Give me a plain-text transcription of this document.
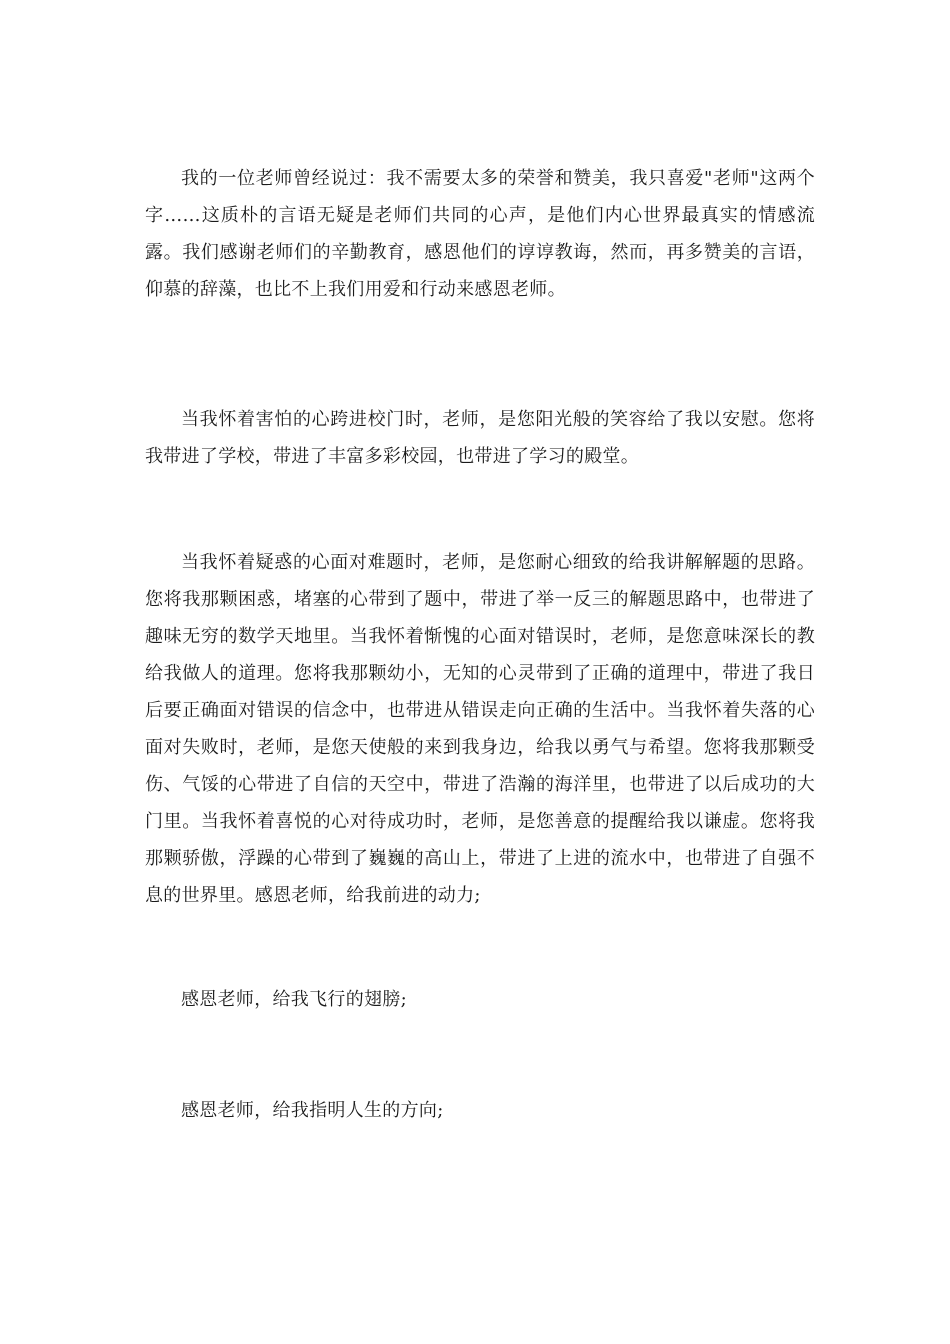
我的一位老师曾经说过：我不需要太多的荣誉和赞美，我只喜爱"老师"这两个字……这质朴的言语无疑是老师们共同的心声，是他们内心世界最真实的情感流露。我们感谢老师们的辛勤教育，感恩他们的谆谆教诲，然而，再多赞美的言语，仰慕的辞藻，也比不上我们用爱和行动来感恩老师。

当我怀着害怕的心跨进校门时，老师，是您阳光般的笑容给了我以安慰。您将我带进了学校，带进了丰富多彩校园，也带进了学习的殿堂。

当我怀着疑惑的心面对难题时，老师，是您耐心细致的给我讲解解题的思路。您将我那颗困惑，堵塞的心带到了题中，带进了举一反三的解题思路中，也带进了趣味无穷的数学天地里。当我怀着惭愧的心面对错误时，老师，是您意味深长的教给我做人的道理。您将我那颗幼小，无知的心灵带到了正确的道理中，带进了我日后要正确面对错误的信念中，也带进从错误走向正确的生活中。当我怀着失落的心面对失败时，老师，是您天使般的来到我身边，给我以勇气与希望。您将我那颗受伤、气馁的心带进了自信的天空中，带进了浩瀚的海洋里，也带进了以后成功的大门里。当我怀着喜悦的心对待成功时，老师，是您善意的提醒给我以谦虚。您将我那颗骄傲，浮躁的心带到了巍巍的高山上，带进了上进的流水中，也带进了自强不息的世界里。感恩老师，给我前进的动力;

感恩老师，给我飞行的翅膀;

感恩老师，给我指明人生的方向;
